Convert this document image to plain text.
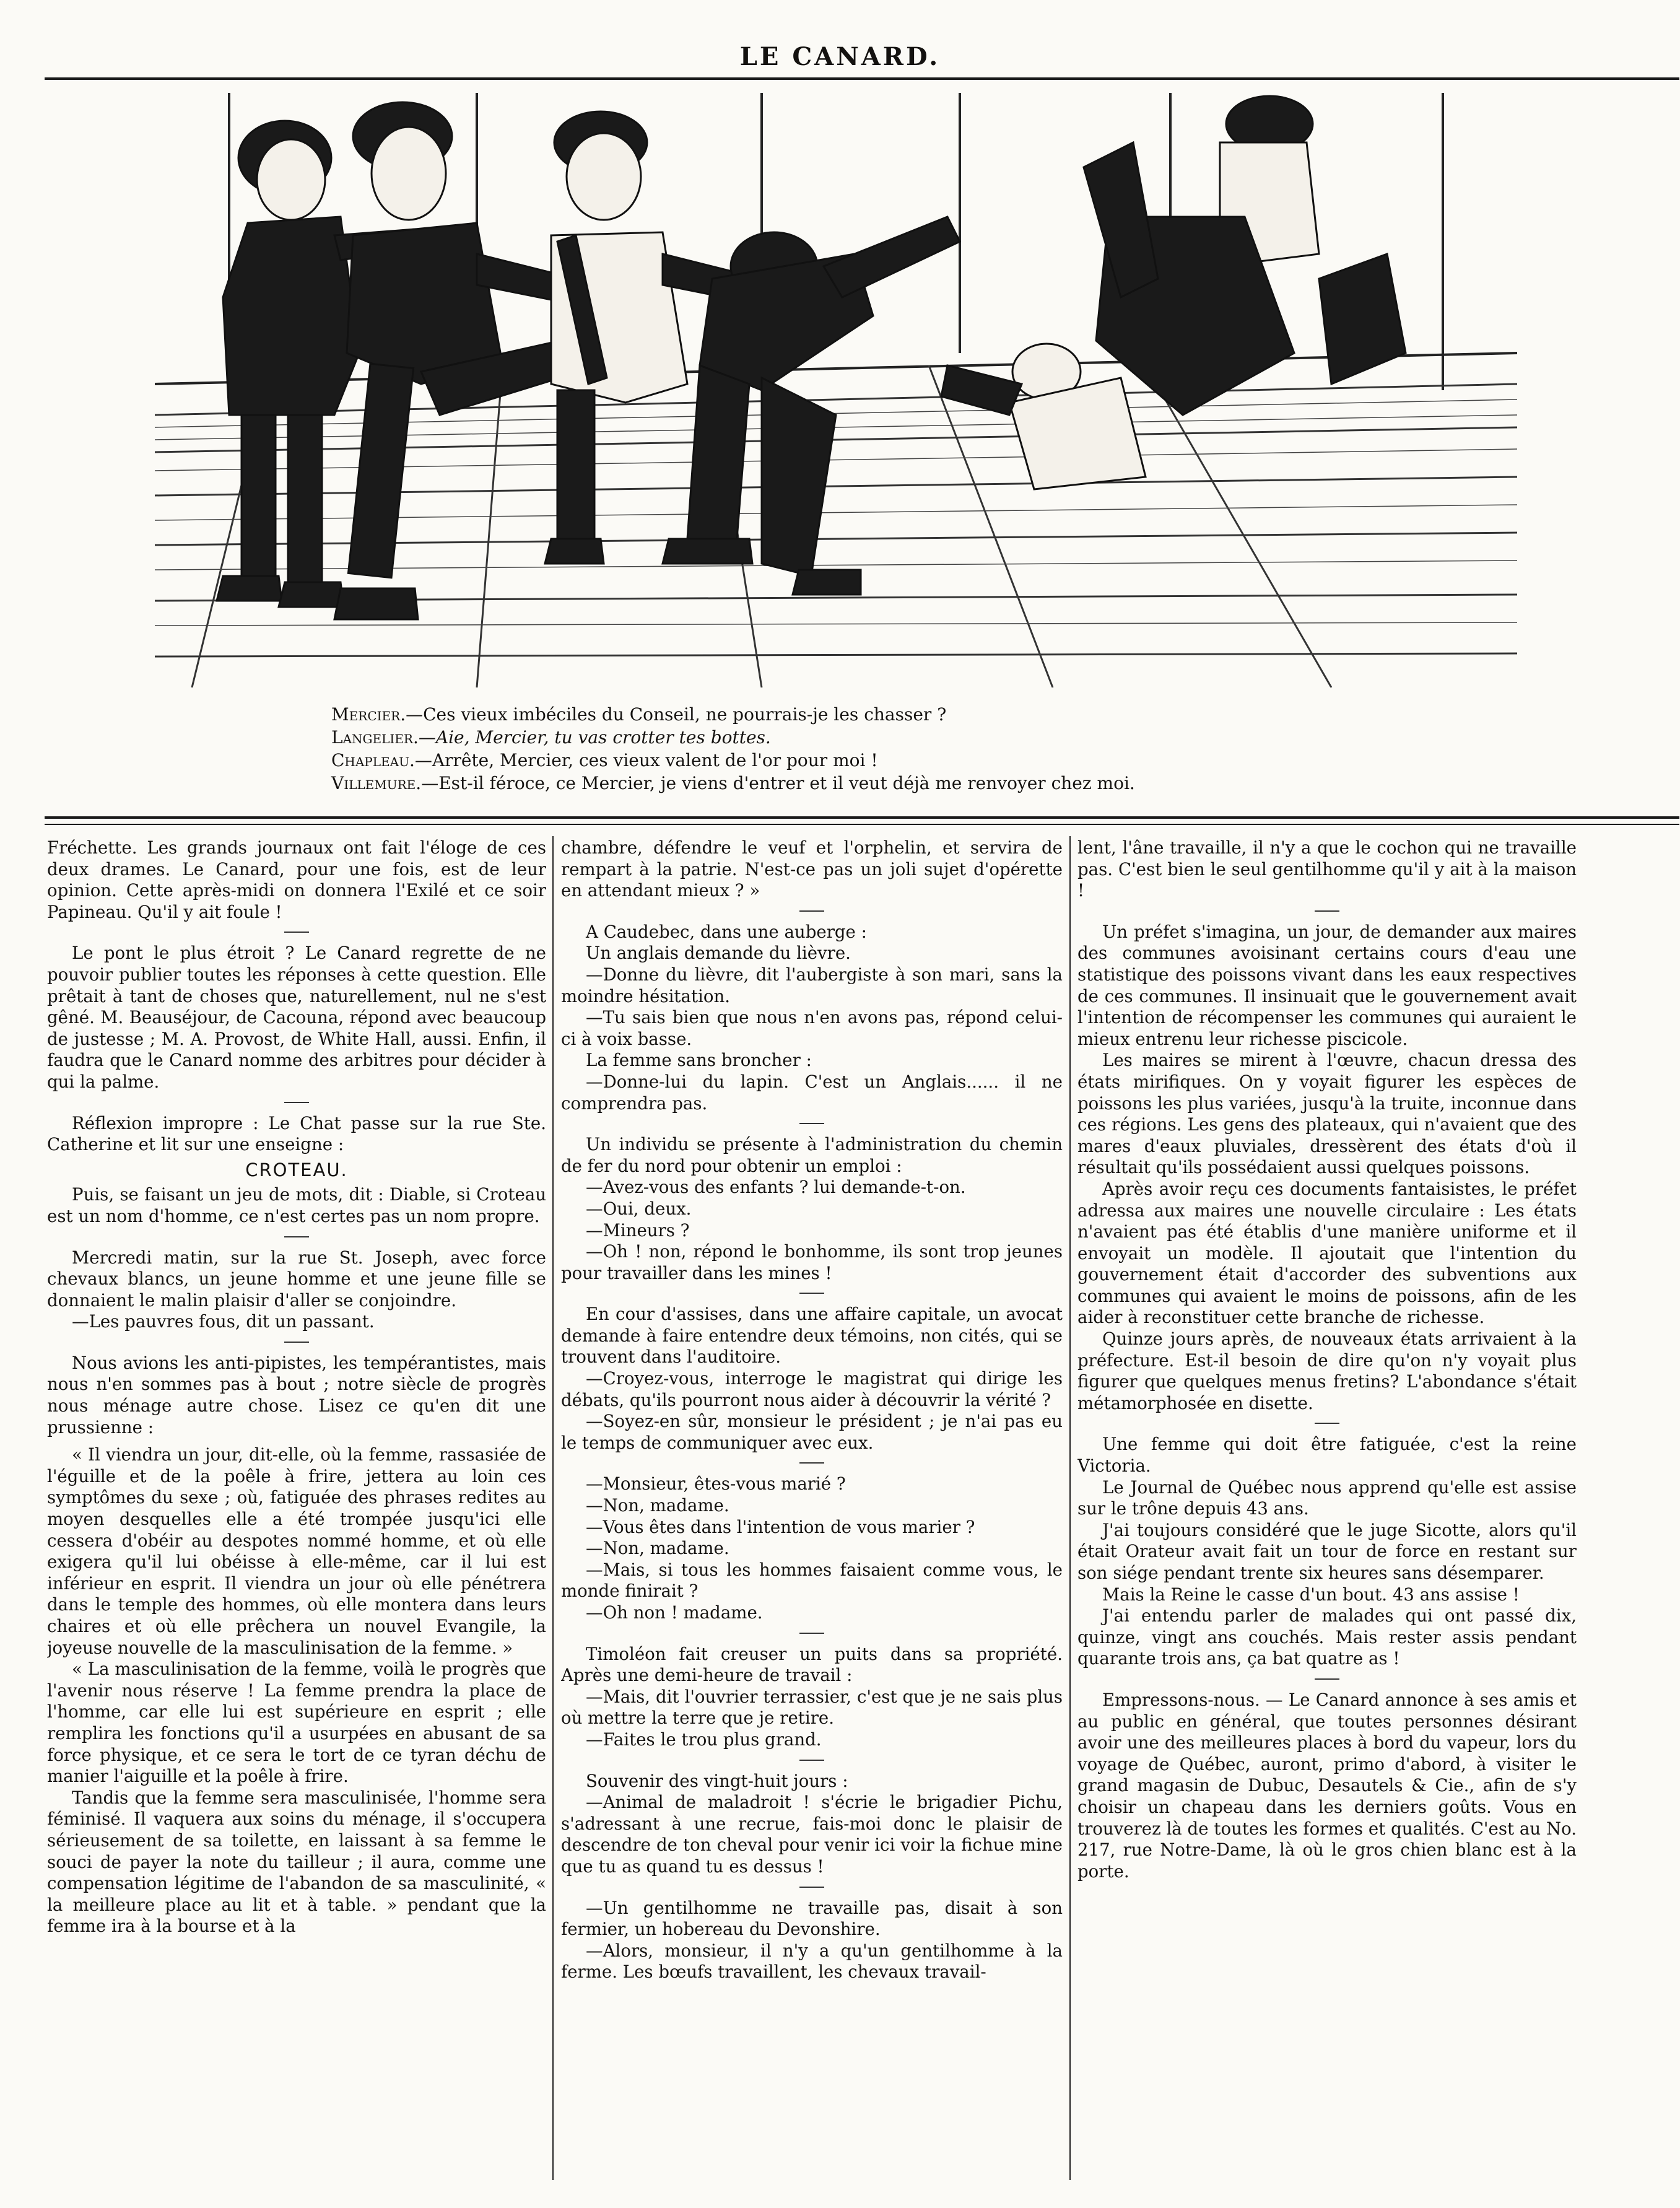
LE CANARD.

Mercier.—Ces vieux imbéciles du Conseil, ne pourrais-je les chasser ?

Langelier.—Aie, Mercier, tu vas crotter tes bottes.

Chapleau.—Arrête, Mercier, ces vieux valent de l'or pour moi !

Villemure.—Est-il féroce, ce Mercier, je viens d'entrer et il veut déjà me renvoyer chez moi.

Fréchette. Les grands journaux ont fait l'éloge de ces deux drames. Le Canard, pour une fois, est de leur opinion. Cette après-midi on donnera l'Exilé et ce soir Papineau. Qu'il y ait foule !

Le pont le plus étroit ? Le Canard regrette de ne pouvoir publier toutes les réponses à cette question. Elle prêtait à tant de choses que, naturellement, nul ne s'est gêné. M. Beauséjour, de Cacouna, répond avec beaucoup de justesse ; M. A. Provost, de White Hall, aussi. Enfin, il faudra que le Canard nomme des arbitres pour décider à qui la palme.

Réflexion impropre : Le Chat passe sur la rue Ste. Catherine et lit sur une enseigne :

CROTEAU.

Puis, se faisant un jeu de mots, dit : Diable, si Croteau est un nom d'homme, ce n'est certes pas un nom propre.

Mercredi matin, sur la rue St. Joseph, avec force chevaux blancs, un jeune homme et une jeune fille se donnaient le malin plaisir d'aller se conjoindre.

—Les pauvres fous, dit un passant.

Nous avions les anti-pipistes, les tempérantistes, mais nous n'en sommes pas à bout ; notre siècle de progrès nous ménage autre chose. Lisez ce qu'en dit une prussienne :

« Il viendra un jour, dit-elle, où la femme, rassasiée de l'éguille et de la poêle à frire, jettera au loin ces symptômes du sexe ; où, fatiguée des phrases redites au moyen desquelles elle a été trompée jusqu'ici elle cessera d'obéir au despotes nommé homme, et où elle exigera qu'il lui obéisse à elle-même, car il lui est inférieur en esprit. Il viendra un jour où elle pénétrera dans le temple des hommes, où elle montera dans leurs chaires et où elle prêchera un nouvel Evangile, la joyeuse nouvelle de la masculinisation de la femme. »

« La masculinisation de la femme, voilà le progrès que l'avenir nous réserve ! La femme prendra la place de l'homme, car elle lui est supérieure en esprit ; elle remplira les fonctions qu'il a usurpées en abusant de sa force physique, et ce sera le tort de ce tyran déchu de manier l'aiguille et la poêle à frire.

Tandis que la femme sera masculinisée, l'homme sera féminisé. Il vaquera aux soins du ménage, il s'occupera sérieusement de sa toilette, en laissant à sa femme le souci de payer la note du tailleur ; il aura, comme une compensation légitime de l'abandon de sa masculinité, « la meilleure place au lit et à table. » pendant que la femme ira à la bourse et à la

chambre, défendre le veuf et l'orphelin, et servira de rempart à la patrie. N'est-ce pas un joli sujet d'opérette en attendant mieux ? »

A Caudebec, dans une auberge :

Un anglais demande du lièvre.

—Donne du lièvre, dit l'aubergiste à son mari, sans la moindre hésitation.

—Tu sais bien que nous n'en avons pas, répond celui-ci à voix basse.

La femme sans broncher :

—Donne-lui du lapin. C'est un Anglais...... il ne comprendra pas.

Un individu se présente à l'administration du chemin de fer du nord pour obtenir un emploi :

—Avez-vous des enfants ? lui demande-t-on.

—Oui, deux.

—Mineurs ?

—Oh ! non, répond le bonhomme, ils sont trop jeunes pour travailler dans les mines !

En cour d'assises, dans une affaire capitale, un avocat demande à faire entendre deux témoins, non cités, qui se trouvent dans l'auditoire.

—Croyez-vous, interroge le magistrat qui dirige les débats, qu'ils pourront nous aider à découvrir la vérité ?

—Soyez-en sûr, monsieur le président ; je n'ai pas eu le temps de communiquer avec eux.

—Monsieur, êtes-vous marié ?

—Non, madame.

—Vous êtes dans l'intention de vous marier ?

—Non, madame.

—Mais, si tous les hommes faisaient comme vous, le monde finirait ?

—Oh non ! madame.

Timoléon fait creuser un puits dans sa propriété. Après une demi-heure de travail :

—Mais, dit l'ouvrier terrassier, c'est que je ne sais plus où mettre la terre que je retire.

—Faites le trou plus grand.

Souvenir des vingt-huit jours :

—Animal de maladroit ! s'écrie le brigadier Pichu, s'adressant à une recrue, fais-moi donc le plaisir de descendre de ton cheval pour venir ici voir la fichue mine que tu as quand tu es dessus !

—Un gentilhomme ne travaille pas, disait à son fermier, un hobereau du Devonshire.

—Alors, monsieur, il n'y a qu'un gentilhomme à la ferme. Les bœufs travaillent, les chevaux travail-

lent, l'âne travaille, il n'y a que le cochon qui ne travaille pas. C'est bien le seul gentilhomme qu'il y ait à la maison !

Un préfet s'imagina, un jour, de demander aux maires des communes avoisinant certains cours d'eau une statistique des poissons vivant dans les eaux respectives de ces communes. Il insinuait que le gouvernement avait l'intention de récompenser les communes qui auraient le mieux entrenu leur richesse piscicole.

Les maires se mirent à l'œuvre, chacun dressa des états mirifiques. On y voyait figurer les espèces de poissons les plus variées, jusqu'à la truite, inconnue dans ces régions. Les gens des plateaux, qui n'avaient que des mares d'eaux pluviales, dressèrent des états d'où il résultait qu'ils possédaient aussi quelques poissons.

Après avoir reçu ces documents fantaisistes, le préfet adressa aux maires une nouvelle circulaire : Les états n'avaient pas été établis d'une manière uniforme et il envoyait un modèle. Il ajoutait que l'intention du gouvernement était d'accorder des subventions aux communes qui avaient le moins de poissons, afin de les aider à reconstituer cette branche de richesse.

Quinze jours après, de nouveaux états arrivaient à la préfecture. Est-il besoin de dire qu'on n'y voyait plus figurer que quelques menus fretins? L'abondance s'était métamorphosée en disette.

Une femme qui doit être fatiguée, c'est la reine Victoria.

Le Journal de Québec nous apprend qu'elle est assise sur le trône depuis 43 ans.

J'ai toujours considéré que le juge Sicotte, alors qu'il était Orateur avait fait un tour de force en restant sur son siége pendant trente six heures sans désemparer.

Mais la Reine le casse d'un bout. 43 ans assise !

J'ai entendu parler de malades qui ont passé dix, quinze, vingt ans couchés. Mais rester assis pendant quarante trois ans, ça bat quatre as !

Empressons-nous. — Le Canard annonce à ses amis et au public en général, que toutes personnes désirant avoir une des meilleures places à bord du vapeur, lors du voyage de Québec, auront, primo d'abord, à visiter le grand magasin de Dubuc, Desautels & Cie., afin de s'y choisir un chapeau dans les derniers goûts. Vous en trouverez là de toutes les formes et qualités. C'est au No. 217, rue Notre-Dame, là où le gros chien blanc est à la porte.
